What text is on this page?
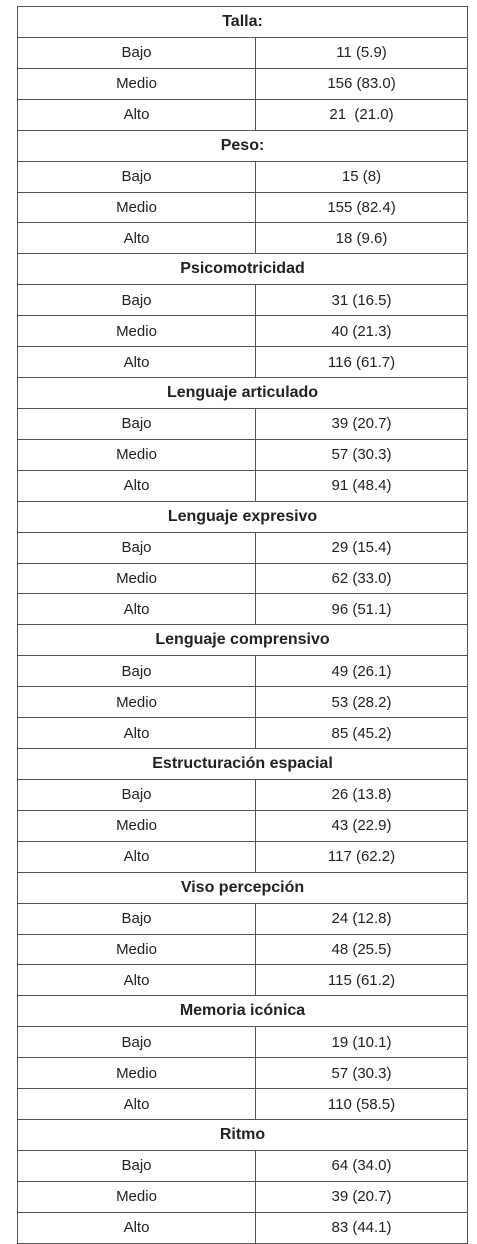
Talla:	
Bajo	11 (5.9)
Medio	156 (83.0)
Alto	21  (21.0)
Peso:	
Bajo	15 (8)
Medio	155 (82.4)
Alto	18 (9.6)
Psicomotricidad	
Bajo	31 (16.5)
Medio	40 (21.3)
Alto	116 (61.7)
Lenguaje articulado	
Bajo	39 (20.7)
Medio	57 (30.3)
Alto	91 (48.4)
Lenguaje expresivo	
Bajo	29 (15.4)
Medio	62 (33.0)
Alto	96 (51.1)
Lenguaje comprensivo	
Bajo	49 (26.1)
Medio	53 (28.2)
Alto	85 (45.2)
Estructuración espacial	
Bajo	26 (13.8)
Medio	43 (22.9)
Alto	117 (62.2)
Viso percepción	
Bajo	24 (12.8)
Medio	48 (25.5)
Alto	115 (61.2)
Memoria icónica	
Bajo	19 (10.1)
Medio	57 (30.3)
Alto	110 (58.5)
Ritmo	
Bajo	64 (34.0)
Medio	39 (20.7)
Alto	83 (44.1)
